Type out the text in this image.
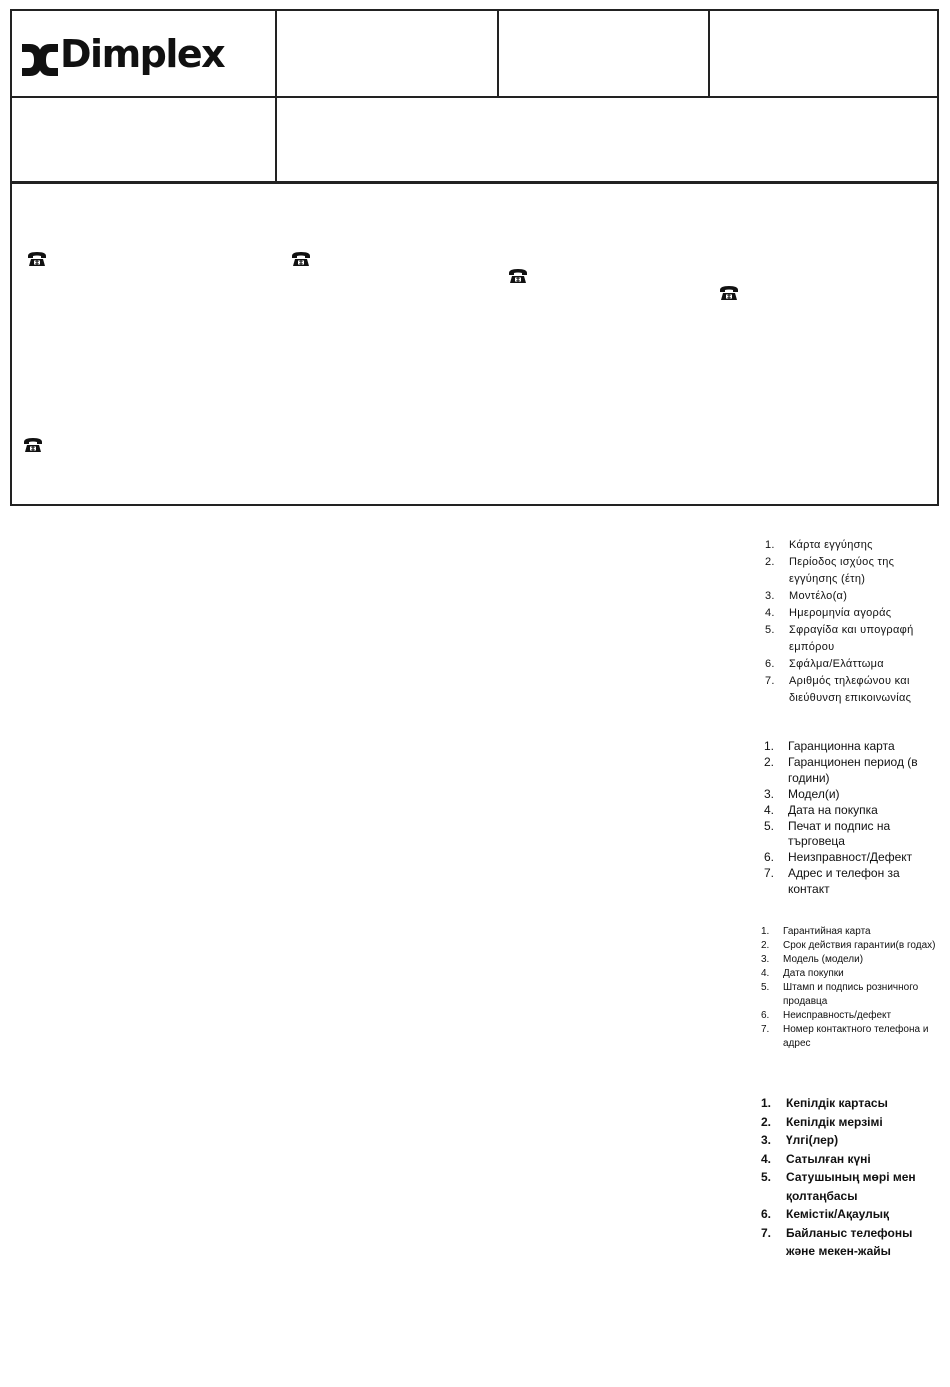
Dimplex
1. Κάρτα εγγύησης
2. Περίοδος ισχύος της εγγύησης (έτη)
3. Μοντέλο(α)
4. Ημερομηνία αγοράς
5. Σφραγίδα και υπογραφή εμπόρου
6. Σφάλμα/Ελάττωμα
7. Αριθμός τηλεφώνου και διεύθυνση επικοινωνίας
1. Гаранционна карта
2. Гаранционен период (в години)
3. Модел(и)
4. Дата на покупка
5. Печат и подпис на търговеца
6. Неизправност/Дефект
7. Адрес и телефон за контакт
1. Гарантийная карта
2. Срок действия гарантии(в годах)
3. Модель (модели)
4. Дата покупки
5. Штамп и подпись розничного продавца
6. Неисправность/дефект
7. Номер контактного телефона и адрес
1. Кепілдік картасы
2. Кепілдік мерзімі
3. Үлгі(лер)
4. Сатылған күні
5. Сатушының мөрі мен қолтаңбасы
6. Кемістік/Ақаулық
7. Байланыс телефоны және мекен-жайы
